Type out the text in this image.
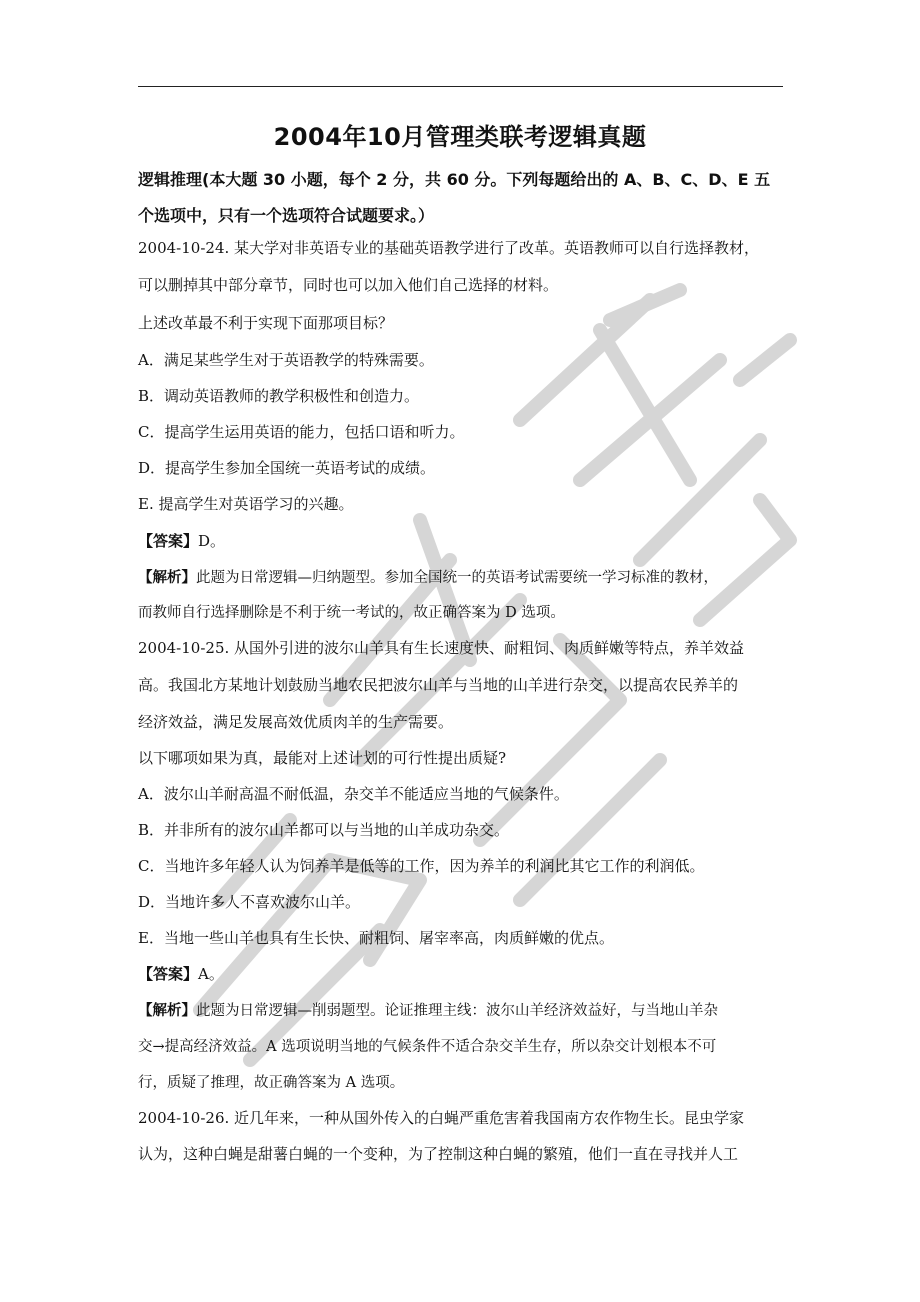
2004年10月管理类联考逻辑真题
逻辑推理(本大题 30 小题，每个 2 分，共 60 分。下列每题给出的 A、B、C、D、E 五个选项中，只有一个选项符合试题要求。）
2004-10-24. 某大学对非英语专业的基础英语教学进行了改革。英语教师可以自行选择教材，
可以删掉其中部分章节，同时也可以加入他们自己选择的材料。
上述改革最不利于实现下面那项目标？
A．满足某些学生对于英语教学的特殊需要。
B．调动英语教师的教学积极性和创造力。
C．提高学生运用英语的能力，包括口语和听力。
D．提高学生参加全国统一英语考试的成绩。
E. 提高学生对英语学习的兴趣。
【答案】D。
【解析】此题为日常逻辑—归纳题型。参加全国统一的英语考试需要统一学习标准的教材，
而教师自行选择删除是不利于统一考试的，故正确答案为 D 选项。
2004-10-25. 从国外引进的波尔山羊具有生长速度快、耐粗饲、肉质鲜嫩等特点，养羊效益
高。我国北方某地计划鼓励当地农民把波尔山羊与当地的山羊进行杂交，以提高农民养羊的
经济效益，满足发展高效优质肉羊的生产需要。
以下哪项如果为真，最能对上述计划的可行性提出质疑?
A．波尔山羊耐高温不耐低温，杂交羊不能适应当地的气候条件。
B．并非所有的波尔山羊都可以与当地的山羊成功杂交。
C．当地许多年轻人认为饲养羊是低等的工作，因为养羊的利润比其它工作的利润低。
D．当地许多人不喜欢波尔山羊。
E．当地一些山羊也具有生长快、耐粗饲、屠宰率高，肉质鲜嫩的优点。
【答案】A。
【解析】此题为日常逻辑—削弱题型。论证推理主线：波尔山羊经济效益好，与当地山羊杂
交→提高经济效益。A 选项说明当地的气候条件不适合杂交羊生存，所以杂交计划根本不可
行，质疑了推理，故正确答案为 A 选项。
2004-10-26. 近几年来，一种从国外传入的白蝇严重危害着我国南方农作物生长。昆虫学家
认为，这种白蝇是甜薯白蝇的一个变种，为了控制这种白蝇的繁殖，他们一直在寻找并人工
